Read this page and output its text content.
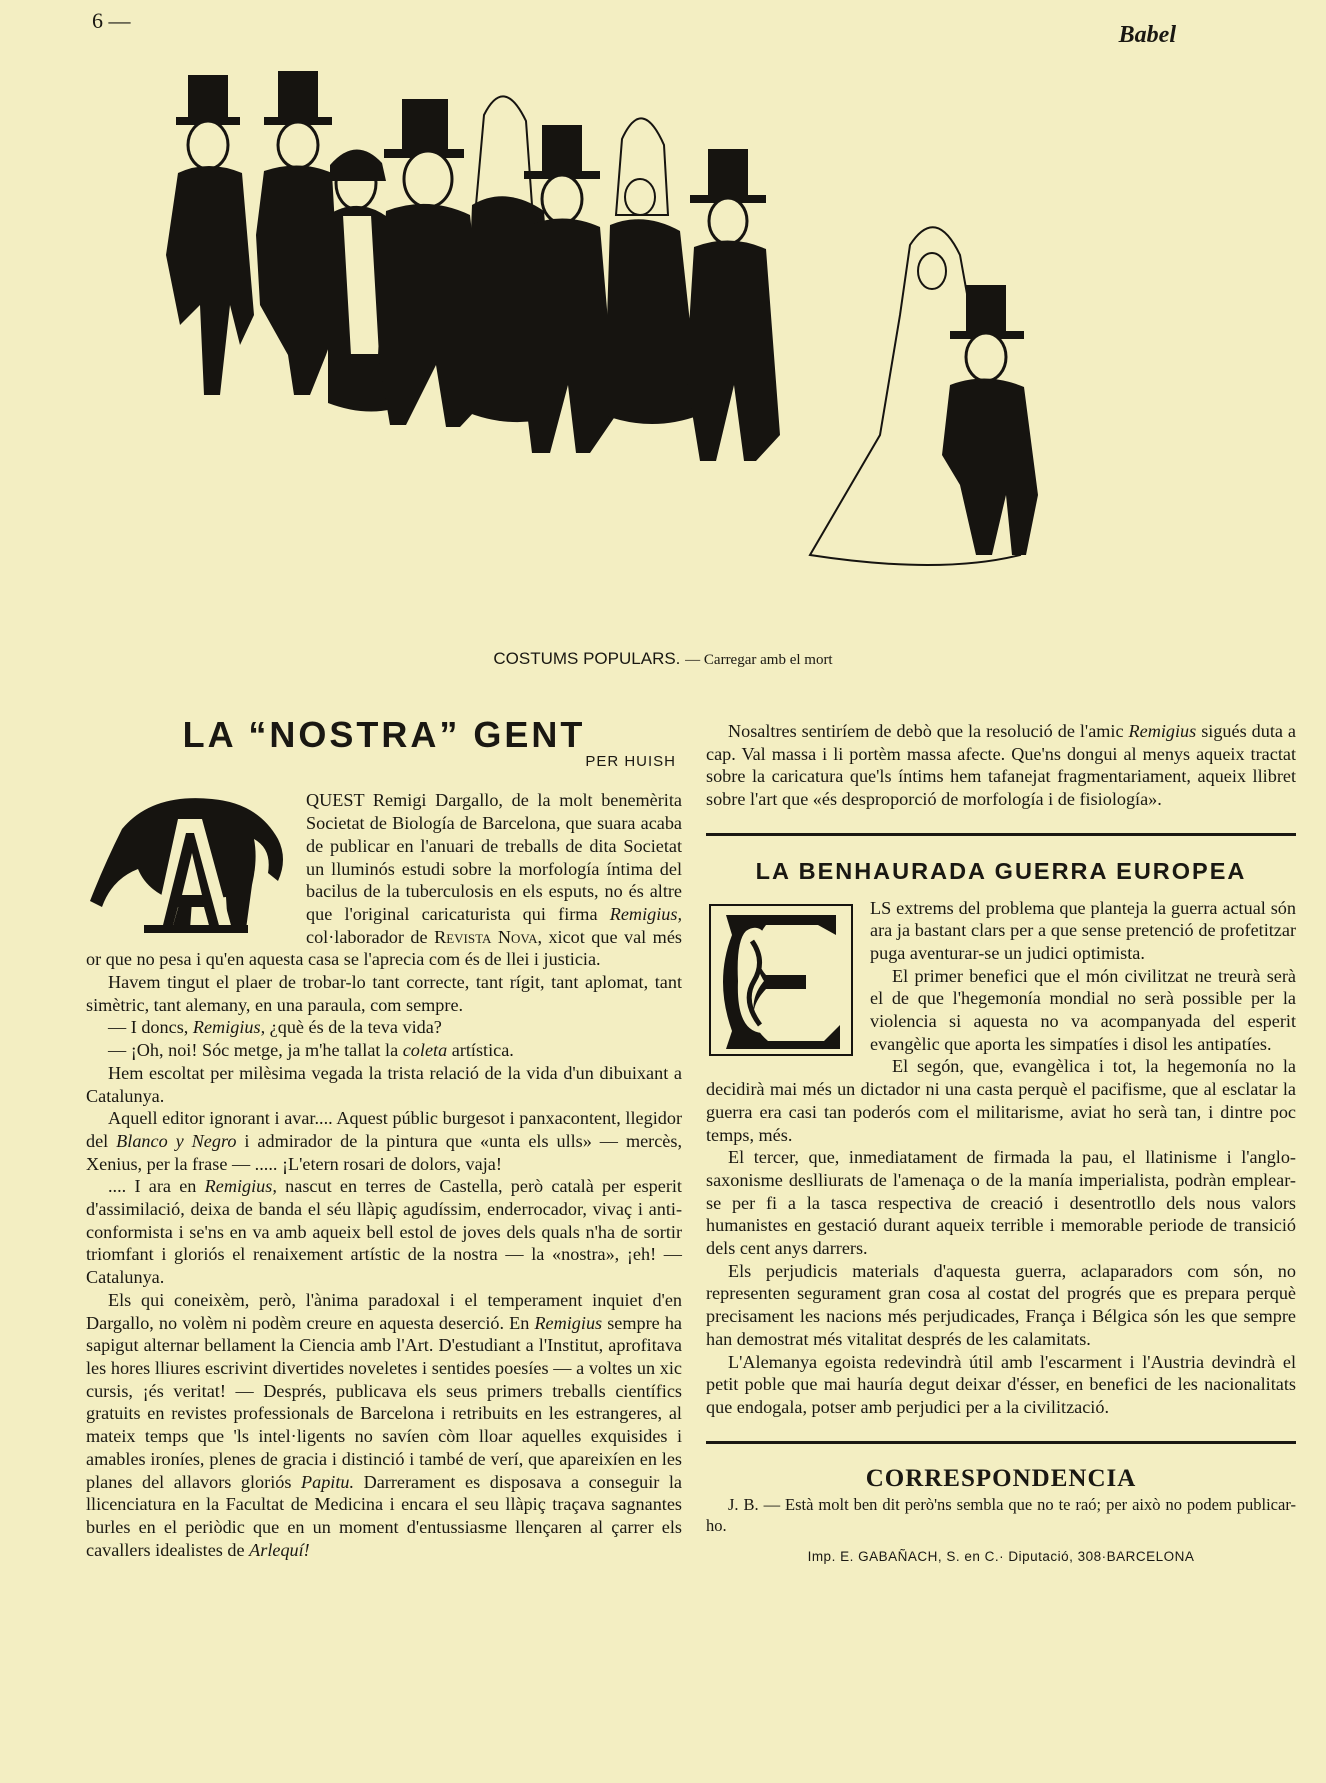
6 —
Babel
COSTUMS POPULARS. — Carregar amb el mort
LA “NOSTRA” GENT
PER HUISH

QUEST Remigi Dargallo, de la molt benemèrita Societat de Biología de Barcelona, que suara acaba de publicar en l'anuari de treballs de dita Societat un lluminós estudi sobre la morfología íntima del bacilus de la tuberculosis en els esputs, no és altre que l'original caricaturista qui firma Remigius, col·laborador de Revista Nova, xicot que val més or que no pesa i qu'en aquesta casa se l'aprecia com és de llei i justicia.

Havem tingut el plaer de trobar-lo tant correcte, tant rígit, tant aplomat, tant simètric, tant alemany, en una paraula, com sempre.

— I doncs, Remigius, ¿què és de la teva vida?

— ¡Oh, noi! Sóc metge, ja m'he tallat la coleta artística.

Hem escoltat per milèsima vegada la trista relació de la vida d'un dibuixant a Catalunya.

Aquell editor ignorant i avar.... Aquest públic burgesot i panxacontent, llegidor del Blanco y Negro i admirador de la pintura que «unta els ulls» — mercès, Xenius, per la frase — ..... ¡L'etern rosari de dolors, vaja!

.... I ara en Remigius, nascut en terres de Castella, però català per esperit d'assimilació, deixa de banda el séu llàpiç agudíssim, enderrocador, vivaç i anti-conformista i se'ns en va amb aqueix bell estol de joves dels quals n'ha de sortir triomfant i gloriós el renaixement artístic de la nostra — la «nostra», ¡eh! — Catalunya.

Els qui coneixèm, però, l'ànima paradoxal i el temperament inquiet d'en Dargallo, no volèm ni podèm creure en aquesta deserció. En Remigius sempre ha sapigut alternar bellament la Ciencia amb l'Art. D'estudiant a l'Institut, aprofitava les hores lliures escrivint divertides noveletes i sentides poesíes — a voltes un xic cursis, ¡és veritat! — Després, publicava els seus primers treballs científics gratuits en revistes professionals de Barcelona i retribuits en les estrangeres, al mateix temps que 'ls intel·ligents no savíen còm lloar aquelles exquisides i amables ironíes, plenes de gracia i distinció i també de verí, que apareixíen en les planes del allavors gloriós Papitu. Darrerament es disposava a conseguir la llicenciatura en la Facultat de Medicina i encara el seu llàpiç traçava sagnantes burles en el periòdic que en un moment d'entussiasme llençaren al çarrer els cavallers idealistes de Arlequí!

Nosaltres sentiríem de debò que la resolució de l'amic Remigius sigués duta a cap. Val massa i li portèm massa afecte. Que'ns dongui al menys aqueix tractat sobre la caricatura que'ls íntims hem tafanejat fragmentariament, aqueix llibret sobre l'art que «és desproporció de morfología i de fisiología».

LA BENHAURADA GUERRA EUROPEA

LS extrems del problema que planteja la guerra actual són ara ja bastant clars per a que sense pretenció de profetitzar puga aventurar-se un judici optimista.

El primer benefici que el món civilitzat ne treurà serà el de que l'hegemonía mondial no serà possible per la violencia si aquesta no va acompanyada del esperit evangèlic que aporta les simpatíes i disol les antipatíes.

El segón, que, evangèlica i tot, la hegemonía no la decidirà mai més un dictador ni una casta perquè el pacifisme, que al esclatar la guerra era casi tan poderós com el militarisme, aviat ho serà tan, i dintre poc temps, més.

El tercer, que, inmediatament de firmada la pau, el llatinisme i l'anglo-saxonisme deslliurats de l'amenaça o de la manía imperialista, podràn emplear-se per fi a la tasca respectiva de creació i desentrotllo dels nous valors humanistes en gestació durant aqueix terrible i memorable periode de transició dels cent anys darrers.

Els perjudicis materials d'aquesta guerra, aclaparadors com són, no representen segurament gran cosa al costat del progrés que es prepara perquè precisament les nacions més perjudicades, França i Bélgica són les que sempre han demostrat més vitalitat després de les calamitats.

L'Alemanya egoista redevindrà útil amb l'escarment i l'Austria devindrà el petit poble que mai hauría degut deixar d'ésser, en benefici de les nacionalitats que endogala, potser amb perjudici per a la civilització.

CORRESPONDENCIA

J. B. — Està molt ben dit però'ns sembla que no te raó; per això no podem publicar-ho.

Imp. E. GABAÑACH, S. en C.· Diputació, 308·BARCELONA
